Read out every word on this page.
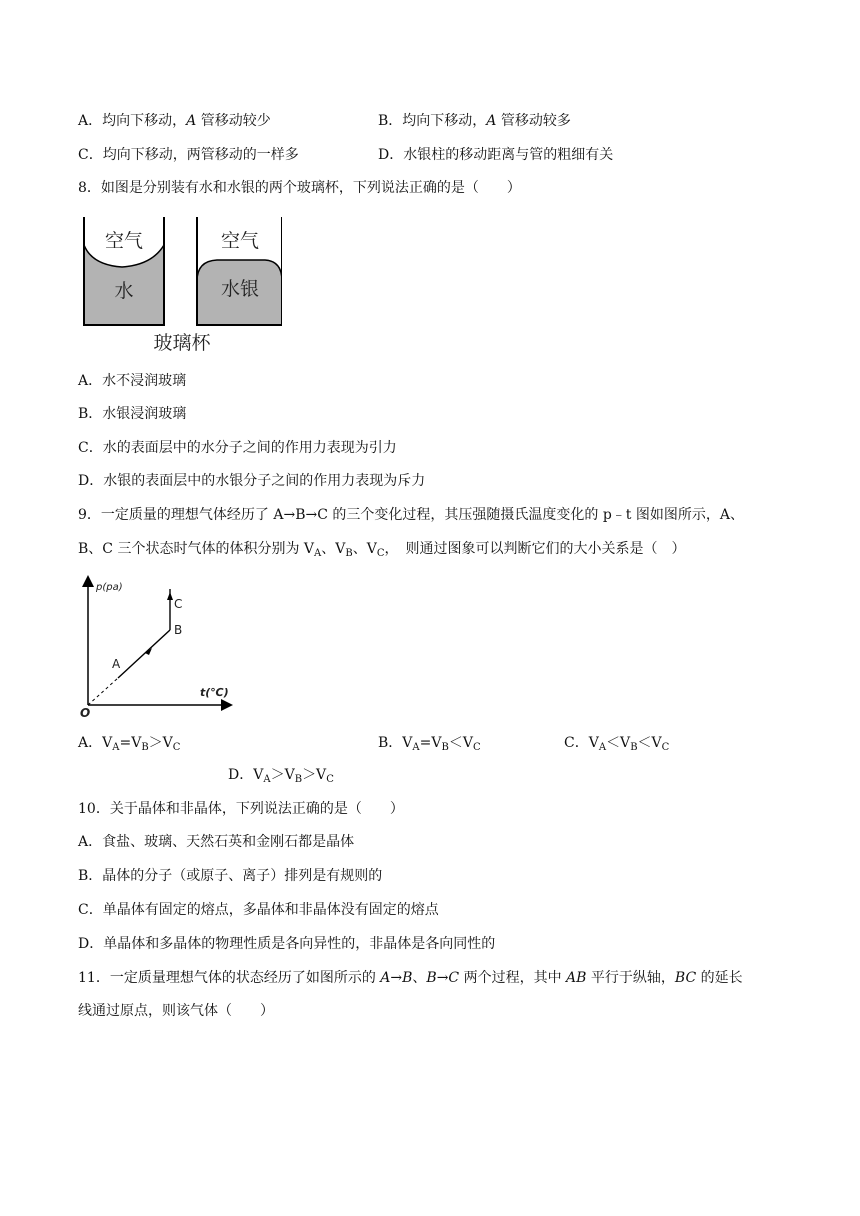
A．均向下移动，A 管移动较少	B．均向下移动，A 管移动较多
C．均向下移动，两管移动的一样多	D．水银柱的移动距离与管的粗细有关
8．如图是分别装有水和水银的两个玻璃杯，下列说法正确的是（　　）
空气
水
空气
水银
玻璃杯
A．水不浸润玻璃
B．水银浸润玻璃
C．水的表面层中的水分子之间的作用力表现为引力
D．水银的表面层中的水银分子之间的作用力表现为斥力
9．一定质量的理想气体经历了 A→B→C 的三个变化过程，其压强随摄氏温度变化的 p﹣t 图如图所示，A、
B、C 三个状态时气体的体积分别为 $V_A$、$V_B$、$V_C$，　则通过图象可以判断它们的大小关系是（　）
p(pa)
t(℃)
O
A
B
C
A．$V_A=V_B>V_C$	B．$V_A=V_B<V_C$	C．$V_A<V_B<V_C$
D．$V_A>V_B>V_C$
10．关于晶体和非晶体，下列说法正确的是（　　）
A．食盐、玻璃、天然石英和金刚石都是晶体
B．晶体的分子（或原子、离子）排列是有规则的
C．单晶体有固定的熔点，多晶体和非晶体没有固定的熔点
D．单晶体和多晶体的物理性质是各向异性的，非晶体是各向同性的
11．一定质量理想气体的状态经历了如图所示的 A→B、B→C 两个过程，其中 AB 平行于纵轴，BC 的延长
线通过原点，则该气体（　　）
